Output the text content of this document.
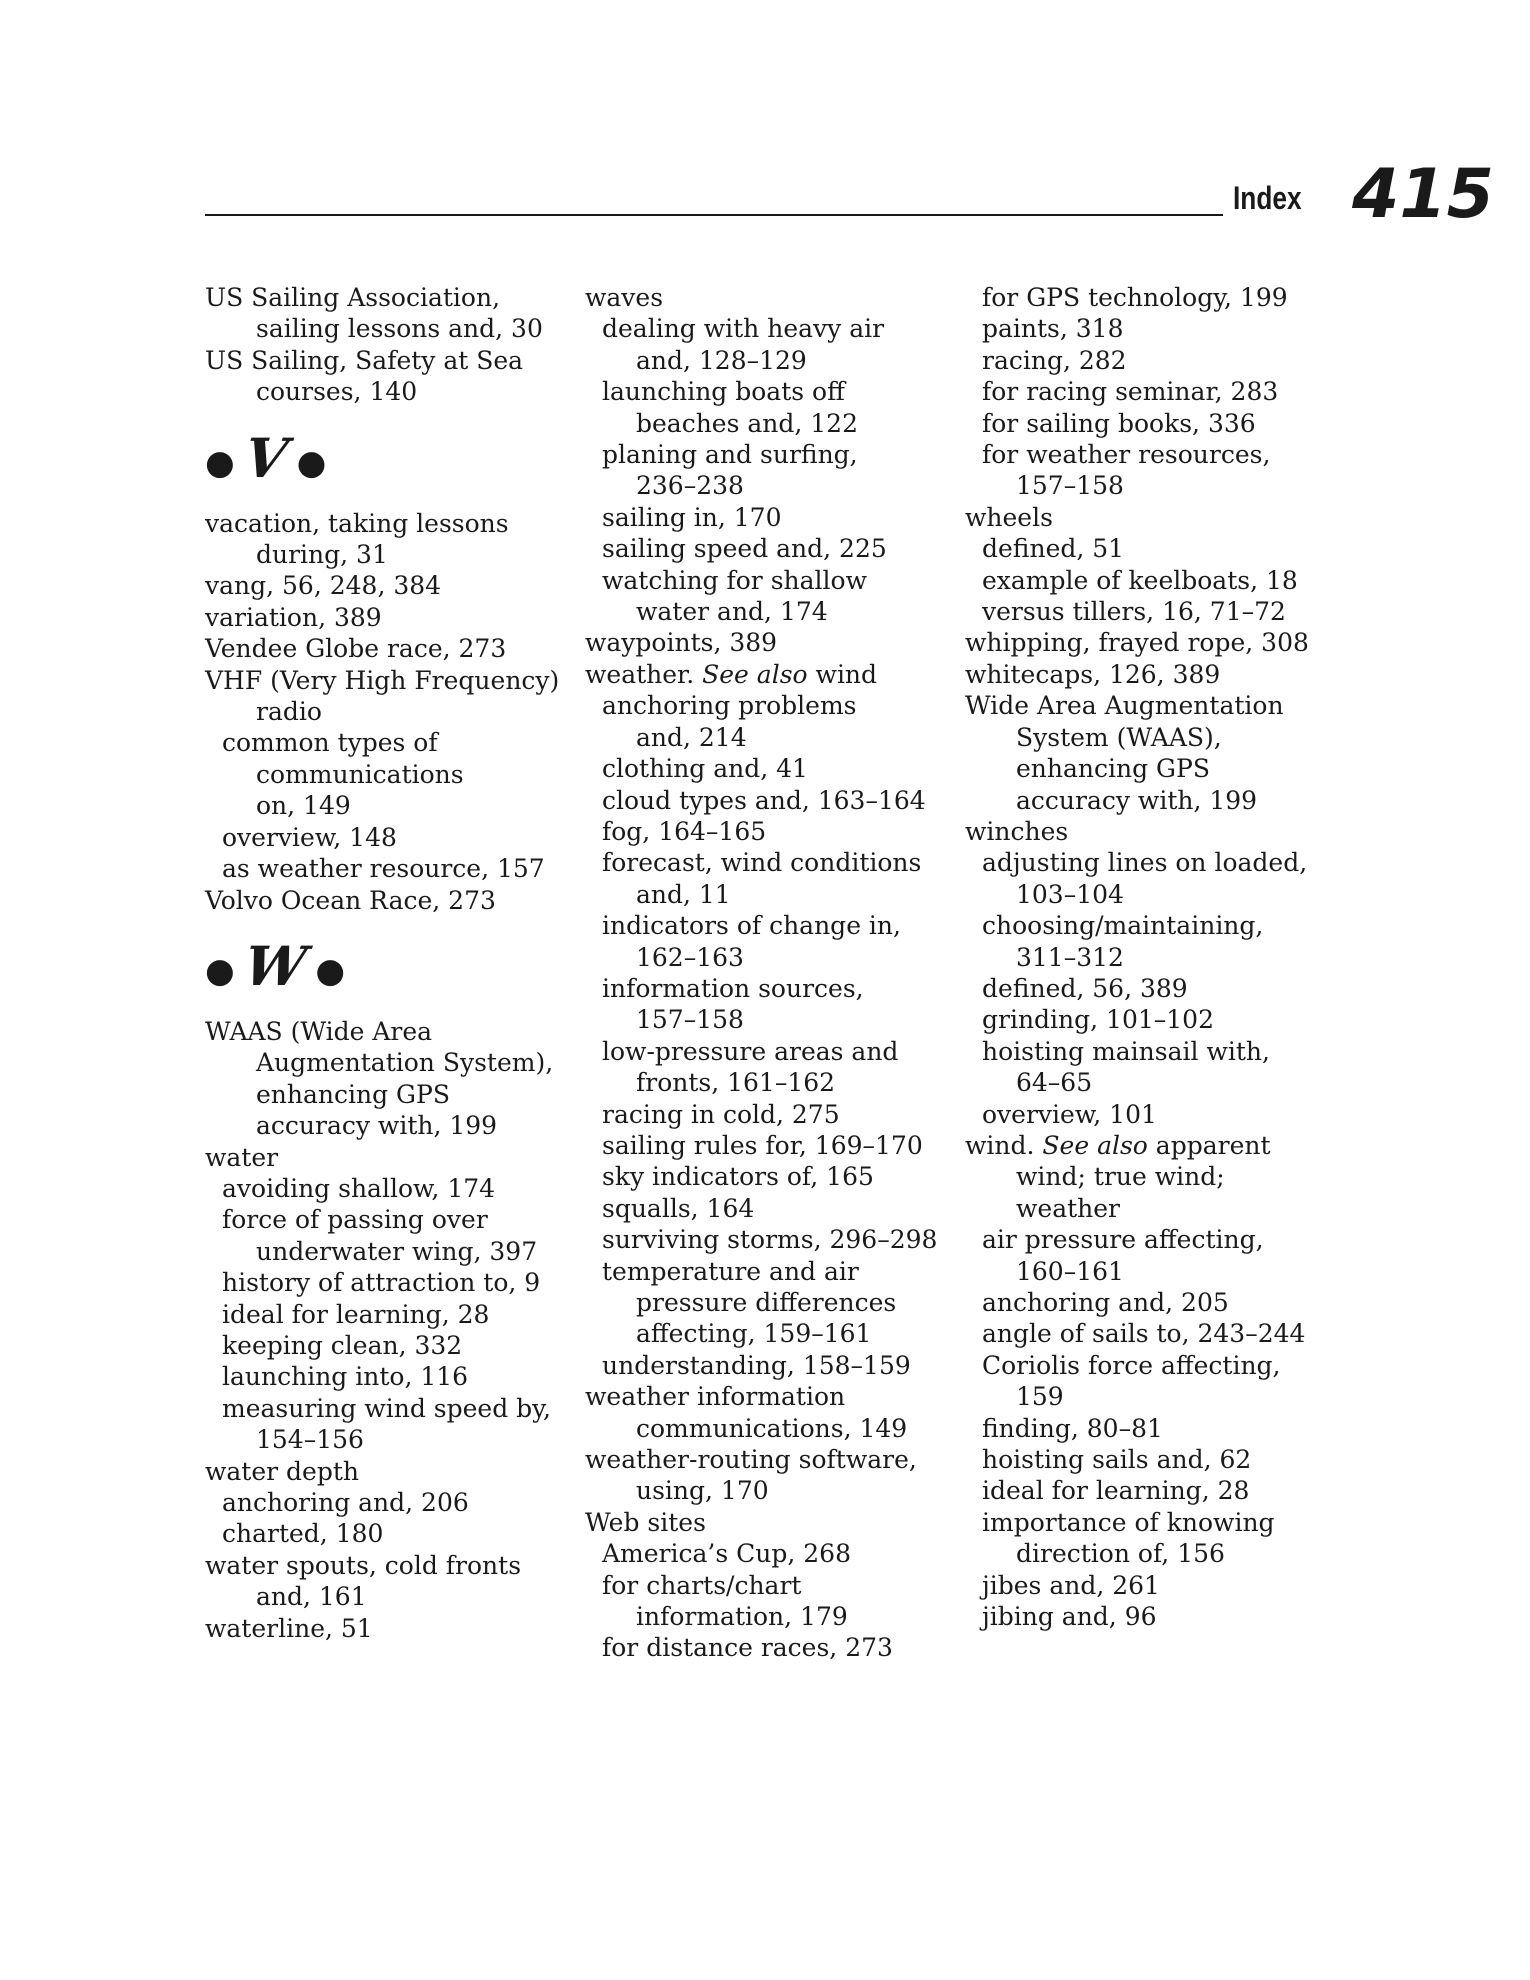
Index 415
US Sailing Association,
sailing lessons and, 30
US Sailing, Safety at Sea
courses, 140
● V ●
vacation, taking lessons
during, 31
vang, 56, 248, 384
variation, 389
Vendee Globe race, 273
VHF (Very High Frequency)
radio
common types of
communications
on, 149
overview, 148
as weather resource, 157
Volvo Ocean Race, 273
● W ●
WAAS (Wide Area
Augmentation System),
enhancing GPS
accuracy with, 199
water
avoiding shallow, 174
force of passing over
underwater wing, 397
history of attraction to, 9
ideal for learning, 28
keeping clean, 332
launching into, 116
measuring wind speed by,
154–156
water depth
anchoring and, 206
charted, 180
water spouts, cold fronts
and, 161
waterline, 51
waves
dealing with heavy air
and, 128–129
launching boats off
beaches and, 122
planing and surfing,
236–238
sailing in, 170
sailing speed and, 225
watching for shallow
water and, 174
waypoints, 389
weather. See also wind
anchoring problems
and, 214
clothing and, 41
cloud types and, 163–164
fog, 164–165
forecast, wind conditions
and, 11
indicators of change in,
162–163
information sources,
157–158
low-pressure areas and
fronts, 161–162
racing in cold, 275
sailing rules for, 169–170
sky indicators of, 165
squalls, 164
surviving storms, 296–298
temperature and air
pressure differences
affecting, 159–161
understanding, 158–159
weather information
communications, 149
weather-routing software,
using, 170
Web sites
America’s Cup, 268
for charts/chart
information, 179
for distance races, 273
for GPS technology, 199
paints, 318
racing, 282
for racing seminar, 283
for sailing books, 336
for weather resources,
157–158
wheels
defined, 51
example of keelboats, 18
versus tillers, 16, 71–72
whipping, frayed rope, 308
whitecaps, 126, 389
Wide Area Augmentation
System (WAAS),
enhancing GPS
accuracy with, 199
winches
adjusting lines on loaded,
103–104
choosing/maintaining,
311–312
defined, 56, 389
grinding, 101–102
hoisting mainsail with,
64–65
overview, 101
wind. See also apparent
wind; true wind;
weather
air pressure affecting,
160–161
anchoring and, 205
angle of sails to, 243–244
Coriolis force affecting,
159
finding, 80–81
hoisting sails and, 62
ideal for learning, 28
importance of knowing
direction of, 156
jibes and, 261
jibing and, 96
